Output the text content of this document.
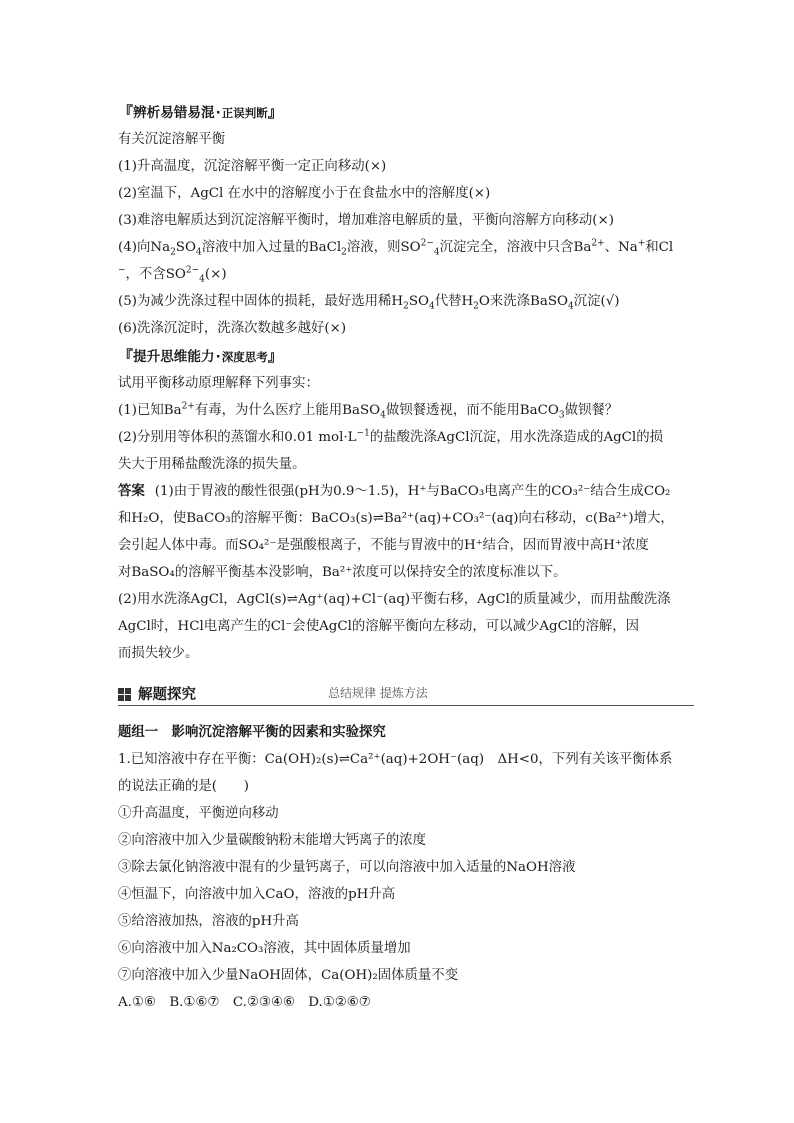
『辨析易错易混·正误判断』
有关沉淀溶解平衡
(1)升高温度，沉淀溶解平衡一定正向移动(×)
(2)室温下，AgCl 在水中的溶解度小于在食盐水中的溶解度(×)
(3)难溶电解质达到沉淀溶解平衡时，增加难溶电解质的量，平衡向溶解方向移动(×)
(4)向$Na_2SO_4$溶液中加入过量的BaCl$_2$溶液，则$SO^{2-}_4$沉淀完全，溶液中只含$Ba^{2+}$、Na+和Cl
−，不含$SO^{2-}_4(\times)$
(5)为减少洗涤过程中固体的损耗，最好选用稀$H_2SO_4$代替$H_2O$来洗涤BaSO$_4$沉淀(√)
(6)洗涤沉淀时，洗涤次数越多越好(×)
『提升思维能力·深度思考』
试用平衡移动原理解释下列事实：
(1)已知$Ba^{2+}$有毒，为什么医疗上能用BaSO$_4$做钡餐透视，而不能用BaCO$_3$做钡餐？
(2)分别用等体积的蒸馏水和0.01 $mol\cdot L^{-1}$的盐酸洗涤AgCl沉淀，用水洗涤造成的AgCl的损
失大于用稀盐酸洗涤的损失量。
答案 (1)由于胃液的酸性很强(pH为0.9～1.5)，H⁺与BaCO₃电离产生的CO₃²⁻结合生成CO₂
和H₂O，使BaCO₃的溶解平衡：BaCO₃(s)⇌Ba²⁺(aq)+CO₃²⁻(aq)向右移动，c(Ba²⁺)增大，
会引起人体中毒。而SO₄²⁻是强酸根离子，不能与胃液中的H⁺结合，因而胃液中高H⁺浓度
对BaSO₄的溶解平衡基本没影响，Ba²⁺浓度可以保持安全的浓度标准以下。
(2)用水洗涤AgCl，AgCl(s)⇌Ag⁺(aq)+Cl⁻(aq)平衡右移，AgCl的质量减少，而用盐酸洗涤
AgCl时，HCl电离产生的Cl⁻会使AgCl的溶解平衡向左移动，可以减少AgCl的溶解，因
而损失较少。
解题探究	总结规律 提炼方法
题组一　影响沉淀溶解平衡的因素和实验探究
1.已知溶液中存在平衡：Ca(OH)₂(s)⇌Ca²⁺(aq)+2OH⁻(aq)　ΔH<0，下列有关该平衡体系
的说法正确的是(　　)
①升高温度，平衡逆向移动
②向溶液中加入少量碳酸钠粉末能增大钙离子的浓度
③除去氯化钠溶液中混有的少量钙离子，可以向溶液中加入适量的NaOH溶液
④恒温下，向溶液中加入CaO，溶液的pH升高
⑤给溶液加热，溶液的pH升高
⑥向溶液中加入Na₂CO₃溶液，其中固体质量增加
⑦向溶液中加入少量NaOH固体，Ca(OH)₂固体质量不变
A.①⑥　B.①⑥⑦　C.②③④⑥　D.①②⑥⑦
